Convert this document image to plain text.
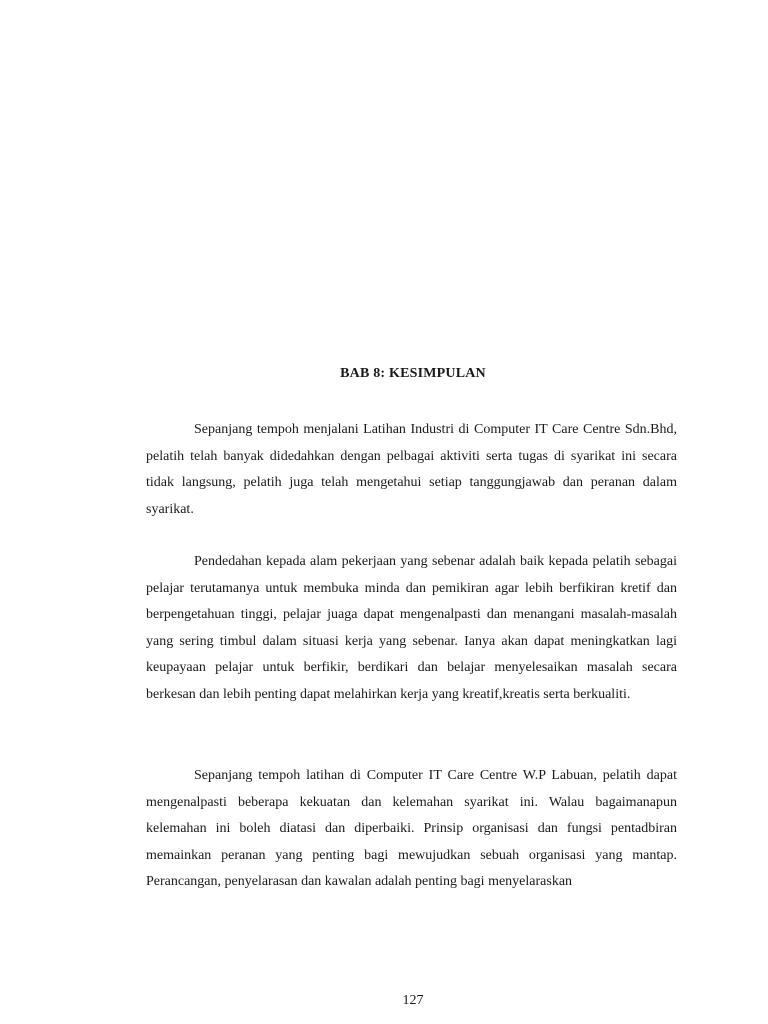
BAB 8: KESIMPULAN

Sepanjang tempoh menjalani Latihan Industri di Computer IT Care Centre Sdn.Bhd, pelatih telah banyak didedahkan dengan pelbagai aktiviti serta tugas di syarikat ini secara tidak langsung, pelatih juga telah mengetahui setiap tanggungjawab dan peranan dalam syarikat.

Pendedahan kepada alam pekerjaan yang sebenar adalah baik kepada pelatih sebagai pelajar terutamanya untuk membuka minda dan pemikiran agar lebih berfikiran kretif dan berpengetahuan tinggi, pelajar juaga dapat mengenalpasti dan menangani masalah-masalah yang sering timbul dalam situasi kerja yang sebenar. Ianya akan dapat meningkatkan lagi keupayaan pelajar untuk berfikir, berdikari dan belajar menyelesaikan masalah secara berkesan dan lebih penting dapat melahirkan kerja yang kreatif,kreatis serta berkualiti.

Sepanjang tempoh latihan di Computer IT Care Centre W.P Labuan, pelatih dapat mengenalpasti beberapa kekuatan dan kelemahan syarikat ini. Walau bagaimanapun kelemahan ini boleh diatasi dan diperbaiki. Prinsip organisasi dan fungsi pentadbiran memainkan peranan yang penting bagi mewujudkan sebuah organisasi yang mantap. Perancangan, penyelarasan dan kawalan adalah penting bagi menyelaraskan

127
